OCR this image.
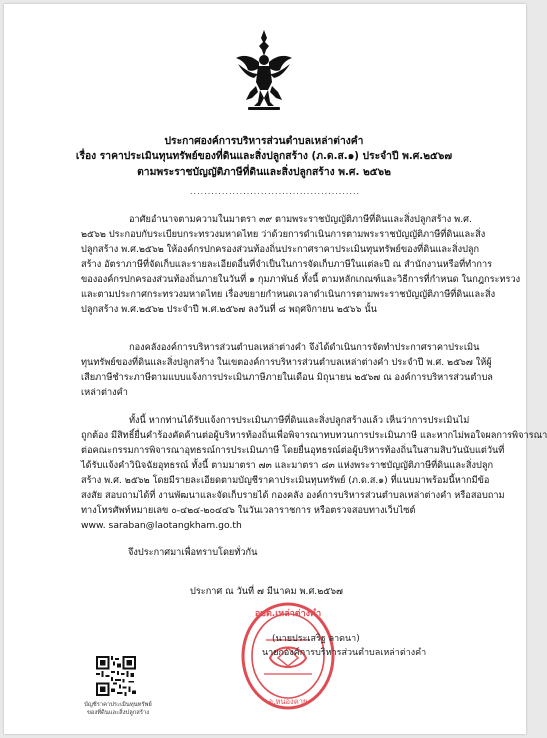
ประกาศองค์การบริหารส่วนตำบลเหล่าต่างคำ
เรื่อง ราคาประเมินทุนทรัพย์ของที่ดินและสิ่งปลูกสร้าง (ภ.ด.ส.๑) ประจำปี พ.ศ.๒๕๖๗
ตามพระราชบัญญัติภาษีที่ดินและสิ่งปลูกสร้าง พ.ศ. ๒๕๖๒
................................................
อาศัยอำนาจตามความในมาตรา ๓๙ ตามพระราชบัญญัติภาษีที่ดินและสิ่งปลูกสร้าง พ.ศ.
๒๕๖๒ ประกอบกับระเบียบกระทรวงมหาดไทย ว่าด้วยการดำเนินการตามพระราชบัญญัติภาษีที่ดินและสิ่ง
ปลูกสร้าง พ.ศ.๒๕๖๒ ให้องค์กรปกครองส่วนท้องถิ่นประกาศราคาประเมินทุนทรัพย์ของที่ดินและสิ่งปลูก
สร้าง อัตราภาษีที่จัดเก็บและรายละเอียดอื่นที่จำเป็นในการจัดเก็บภาษีในแต่ละปี ณ สำนักงานหรือที่ทำการ
ขององค์กรปกครองส่วนท้องถิ่นภายในวันที่ ๑ กุมภาพันธ์ ทั้งนี้ ตามหลักเกณฑ์และวิธีการที่กำหนด ในกฎกระทรวง
และตามประกาศกระทรวงมหาดไทย เรื่องขยายกำหนดเวลาดำเนินการตามพระราชบัญญัติภาษีที่ดินและสิ่ง
ปลูกสร้าง พ.ศ.๒๕๖๒ ประจำปี พ.ศ.๒๕๖๗ ลงวันที่ ๘ พฤศจิกายน ๒๕๖๖ นั้น
กองคลังองค์การบริหารส่วนตำบลเหล่าต่างคำ จึงได้ดำเนินการจัดทำประกาศราคาประเมิน
ทุนทรัพย์ของที่ดินและสิ่งปลูกสร้าง ในเขตองค์การบริหารส่วนตำบลเหล่าต่างคำ ประจำปี พ.ศ. ๒๕๖๗ ให้ผู้
เสียภาษีชำระภาษีตามแบบแจ้งการประเมินภาษีภายในเดือน มิถุนายน ๒๕๖๗ ณ องค์การบริหารส่วนตำบล
เหล่าต่างคำ
ทั้งนี้ หากท่านได้รับแจ้งการประเมินภาษีที่ดินและสิ่งปลูกสร้างแล้ว เห็นว่าการประเมินไม่
ถูกต้อง มีสิทธิ์ยื่นคำร้องคัดค้านต่อผู้บริหารท้องถิ่นเพื่อพิจารณาทบทวนการประเมินภาษี และหากไม่พอใจผลการพิจารณา
ต่อคณะกรรมการพิจารณาอุทธรณ์การประเมินภาษี โดยยื่นอุทธรณ์ต่อผู้บริหารท้องถิ่นในสามสิบวันนับแต่วันที่
ได้รับแจ้งคำวินิจฉัยอุทธรณ์ ทั้งนี้ ตามมาตรา ๗๓ และมาตรา ๘๓ แห่งพระราชบัญญัติภาษีที่ดินและสิ่งปลูก
สร้าง พ.ศ. ๒๕๖๒ โดยมีรายละเอียดตามบัญชีราคาประเมินทุนทรัพย์ (ภ.ด.ส.๑) ที่แนบมาพร้อมนี้หากมีข้อ
สงสัย สอบถามได้ที่ งานพัฒนาและจัดเก็บรายได้ กองคลัง องค์การบริหารส่วนตำบลเหล่าต่างคำ หรือสอบถาม
ทางโทรศัพท์หมายเลข ๐-๔๒๔-๒๐๔๔๖ ในวันเวลาราชการ หรือตรวจสอบทางเว็บไซต์
www. saraban@laotangkham.go.th
จึงประกาศมาเพื่อทราบโดยทั่วกัน
ประกาศ ณ วันที่ ๗ มีนาคม พ.ศ.๒๕๖๗
อบต.เหล่าต่างคำ
จ.หนองคาย
(นายประเสริฐ ลาดนา)
นายกองค์การบริหารส่วนตำบลเหล่าต่างคำ
บัญชีราคาประเมินทุนทรัพย์
ของที่ดินและสิ่งปลูกสร้าง
